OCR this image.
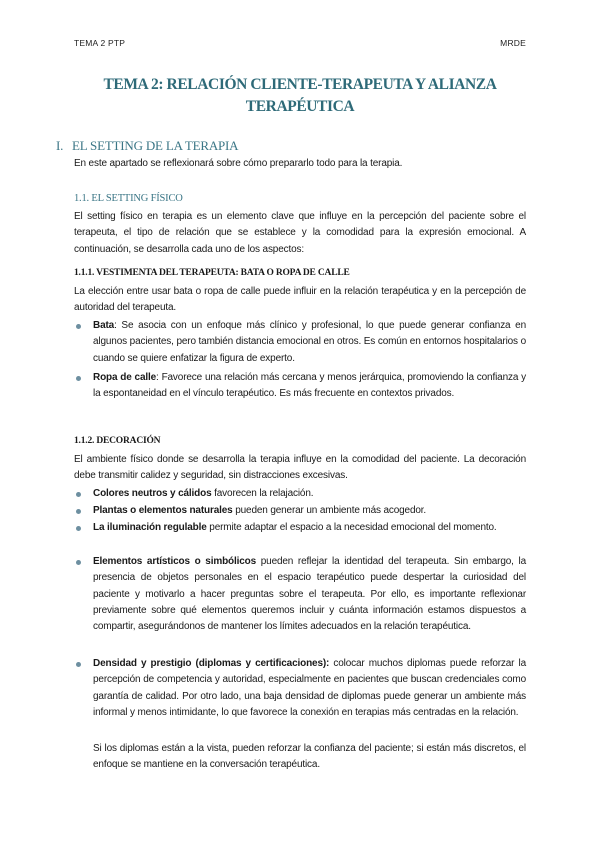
TEMA 2 PTP	MRDE
TEMA 2: RELACIÓN CLIENTE-TERAPEUTA Y ALIANZA
TERAPÉUTICA
I. EL SETTING DE LA TERAPIA
En este apartado se reflexionará sobre cómo prepararlo todo para la terapia.
1.1. EL SETTING FÍSICO
El setting físico en terapia es un elemento clave que influye en la percepción del paciente sobre el terapeuta, el tipo de relación que se establece y la comodidad para la expresión emocional. A continuación, se desarrolla cada uno de los aspectos:
1.1.1. VESTIMENTA DEL TERAPEUTA: BATA O ROPA DE CALLE
La elección entre usar bata o ropa de calle puede influir en la relación terapéutica y en la percepción de autoridad del terapeuta.
Bata: Se asocia con un enfoque más clínico y profesional, lo que puede generar confianza en algunos pacientes, pero también distancia emocional en otros. Es común en entornos hospitalarios o cuando se quiere enfatizar la figura de experto.
Ropa de calle: Favorece una relación más cercana y menos jerárquica, promoviendo la confianza y la espontaneidad en el vínculo terapéutico. Es más frecuente en contextos privados.
1.1.2. DECORACIÓN
El ambiente físico donde se desarrolla la terapia influye en la comodidad del paciente. La decoración debe transmitir calidez y seguridad, sin distracciones excesivas.
Colores neutros y cálidos favorecen la relajación.
Plantas o elementos naturales pueden generar un ambiente más acogedor.
La iluminación regulable permite adaptar el espacio a la necesidad emocional del momento.
Elementos artísticos o simbólicos pueden reflejar la identidad del terapeuta. Sin embargo, la presencia de objetos personales en el espacio terapéutico puede despertar la curiosidad del paciente y motivarlo a hacer preguntas sobre el terapeuta. Por ello, es importante reflexionar previamente sobre qué elementos queremos incluir y cuánta información estamos dispuestos a compartir, asegurándonos de mantener los límites adecuados en la relación terapéutica.
Densidad y prestigio (diplomas y certificaciones): colocar muchos diplomas puede reforzar la percepción de competencia y autoridad, especialmente en pacientes que buscan credenciales como garantía de calidad. Por otro lado, una baja densidad de diplomas puede generar un ambiente más informal y menos intimidante, lo que favorece la conexión en terapias más centradas en la relación.
Si los diplomas están a la vista, pueden reforzar la confianza del paciente; si están más discretos, el enfoque se mantiene en la conversación terapéutica.
